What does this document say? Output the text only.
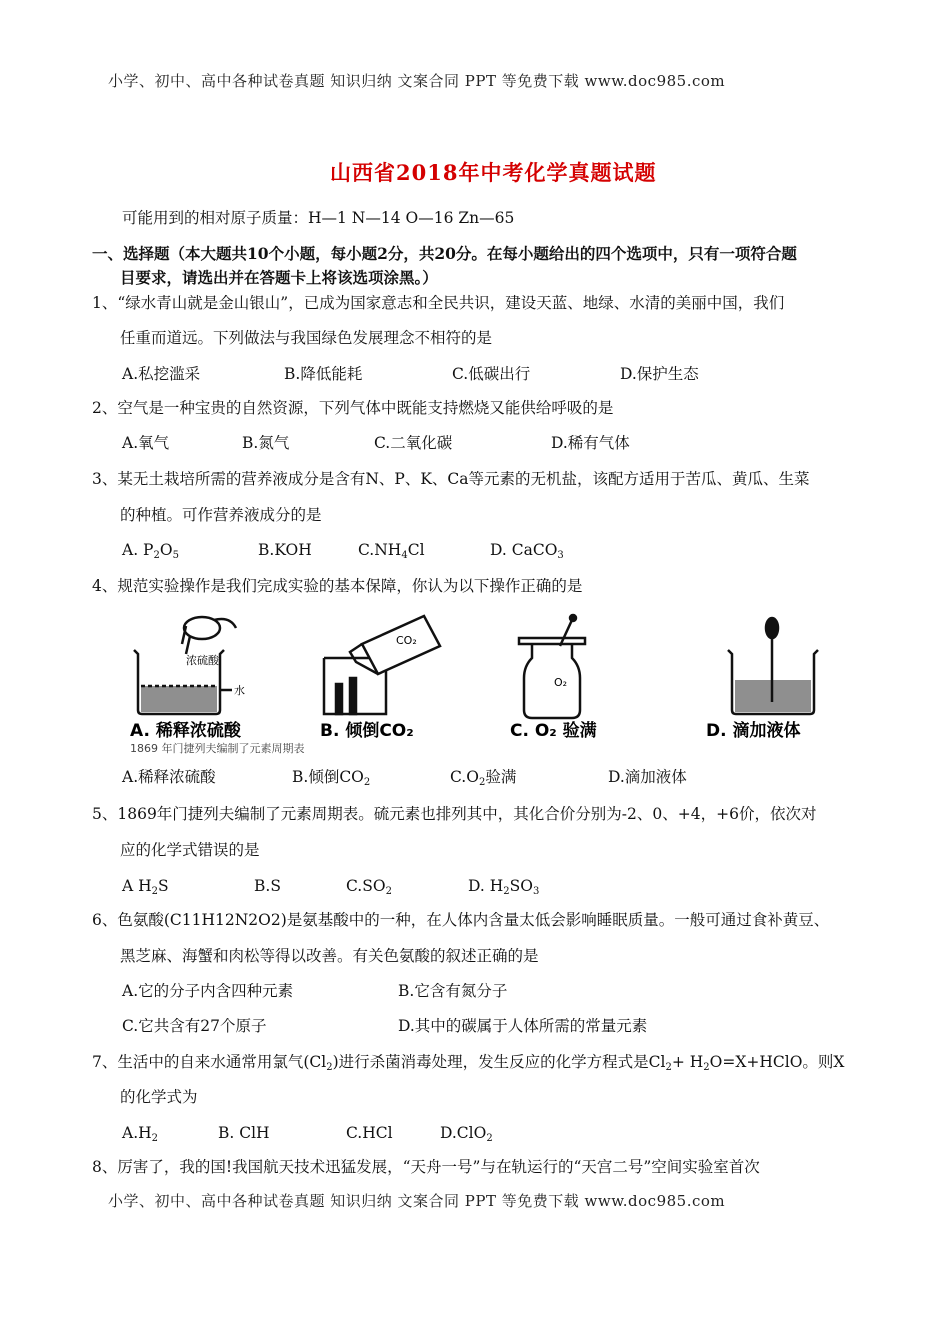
小学、初中、高中各种试卷真题 知识归纳 文案合同 PPT 等免费下载 www.doc985.com
山西省2018年中考化学真题试题
可能用到的相对原子质量：H—1 N—14 O—16 Zn—65
一、选择题（本大题共10个小题，每小题2分，共20分。在每小题给出的四个选项中，只有一项符合题
目要求，请选出并在答题卡上将该选项涂黑。）
1、“绿水青山就是金山银山”，已成为国家意志和全民共识，建设天蓝、地绿、水清的美丽中国，我们
任重而道远。下列做法与我国绿色发展理念不相符的是
A.私挖滥采	B.降低能耗	C.低碳出行	D.保护生态
2、空气是一种宝贵的自然资源，下列气体中既能支持燃烧又能供给呼吸的是
A.氧气	B.氮气	C.二氧化碳	D.稀有气体
3、某无土栽培所需的营养液成分是含有N、P、K、Ca等元素的无机盐，该配方适用于苦瓜、黄瓜、生菜
的种植。可作营养液成分的是
A. $P_2O_5$	B.KOH	$C.NH_4Cl$	D. CaCO$_3$
4、规范实验操作是我们完成实验的基本保障，你认为以下操作正确的是
浓硫酸
水
CO₂
O₂
A. 稀释浓硫酸	B. 倾倒CO₂	C. O₂ 验满	D. 滴加液体
1869 年门捷列夫编制了元素周期表
A.稀释浓硫酸	B.倾倒$CO_2$	$C.O_2$验满	D.滴加液体
5、1869年门捷列夫编制了元素周期表。硫元素也排列其中，其化合价分别为-2、0、+4，+6价，依次对
应的化学式错误的是
A $H_2S$	B.S	$C.SO_2$	D. $H_2SO_3$
6、色氨酸(C11H12N2O2)是氨基酸中的一种，在人体内含量太低会影响睡眠质量。一般可通过食补黄豆、
黑芝麻、海蟹和肉松等得以改善。有关色氨酸的叙述正确的是
A.它的分子内含四种元素	B.它含有氮分子
C.它共含有27个原子	D.其中的碳属于人体所需的常量元素
7、生活中的自来水通常用氯气$(Cl_2)$进行杀菌消毒处理，发生反应的化学方程式是$Cl_2+$ $H_2O=X+HClO$。则X
的化学式为
$A.H_2$	B. ClH	C.HCl	D.ClO$_2$
8、厉害了，我的国!我国航天技术迅猛发展，“天舟一号”与在轨运行的“天宫二号”空间实验室首次
小学、初中、高中各种试卷真题 知识归纳 文案合同 PPT 等免费下载 www.doc985.com
